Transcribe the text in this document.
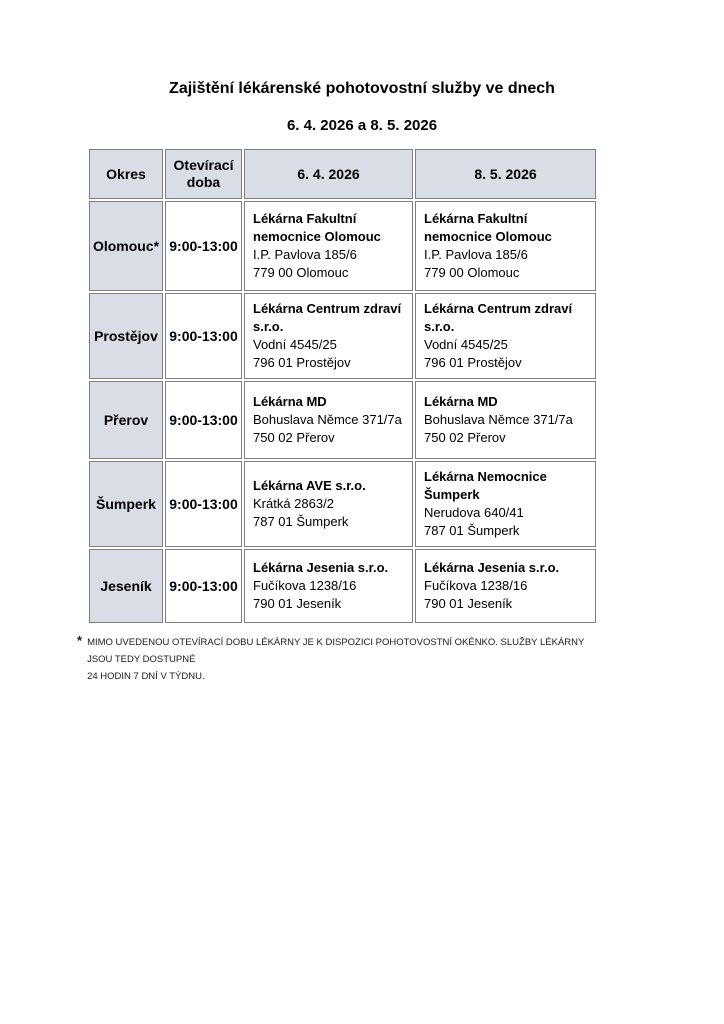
Zajištění lékárenské pohotovostní služby ve dnech
6. 4. 2026 a 8. 5. 2026
Okres	Otevírací doba	6. 4. 2026	8. 5. 2026
Olomouc*	9:00-13:00	
Lékárna Fakultní nemocnice Olomouc
I.P. Pavlova 185/6
779 00 Olomouc

Lékárna Fakultní nemocnice Olomouc
I.P. Pavlova 185/6
779 00 Olomouc

Prostějov	9:00-13:00	
Lékárna Centrum zdraví s.r.o.
Vodní 4545/25
796 01 Prostějov

Lékárna Centrum zdraví s.r.o.
Vodní 4545/25
796 01 Prostějov

Přerov	9:00-13:00	
Lékárna MD
Bohuslava Němce 371/7a
750 02 Přerov

Lékárna MD
Bohuslava Němce 371/7a
750 02 Přerov

Šumperk	9:00-13:00	
Lékárna AVE s.r.o.
Krátká 2863/2
787 01 Šumperk

Lékárna Nemocnice Šumperk
Nerudova 640/41
787 01 Šumperk

Jeseník	9:00-13:00	
Lékárna Jesenia s.r.o.
Fučíkova 1238/16
790 01 Jeseník

Lékárna Jesenia s.r.o.
Fučíkova 1238/16
790 01 Jeseník
* MIMO UVEDENOU OTEVÍRACÍ DOBU LÉKÁRNY JE K DISPOZICI POHOTOVOSTNÍ OKÉNKO. SLUŽBY LÉKÁRNY JSOU TEDY DOSTUPNÉ
24 HODIN 7 DNÍ V TÝDNU.
